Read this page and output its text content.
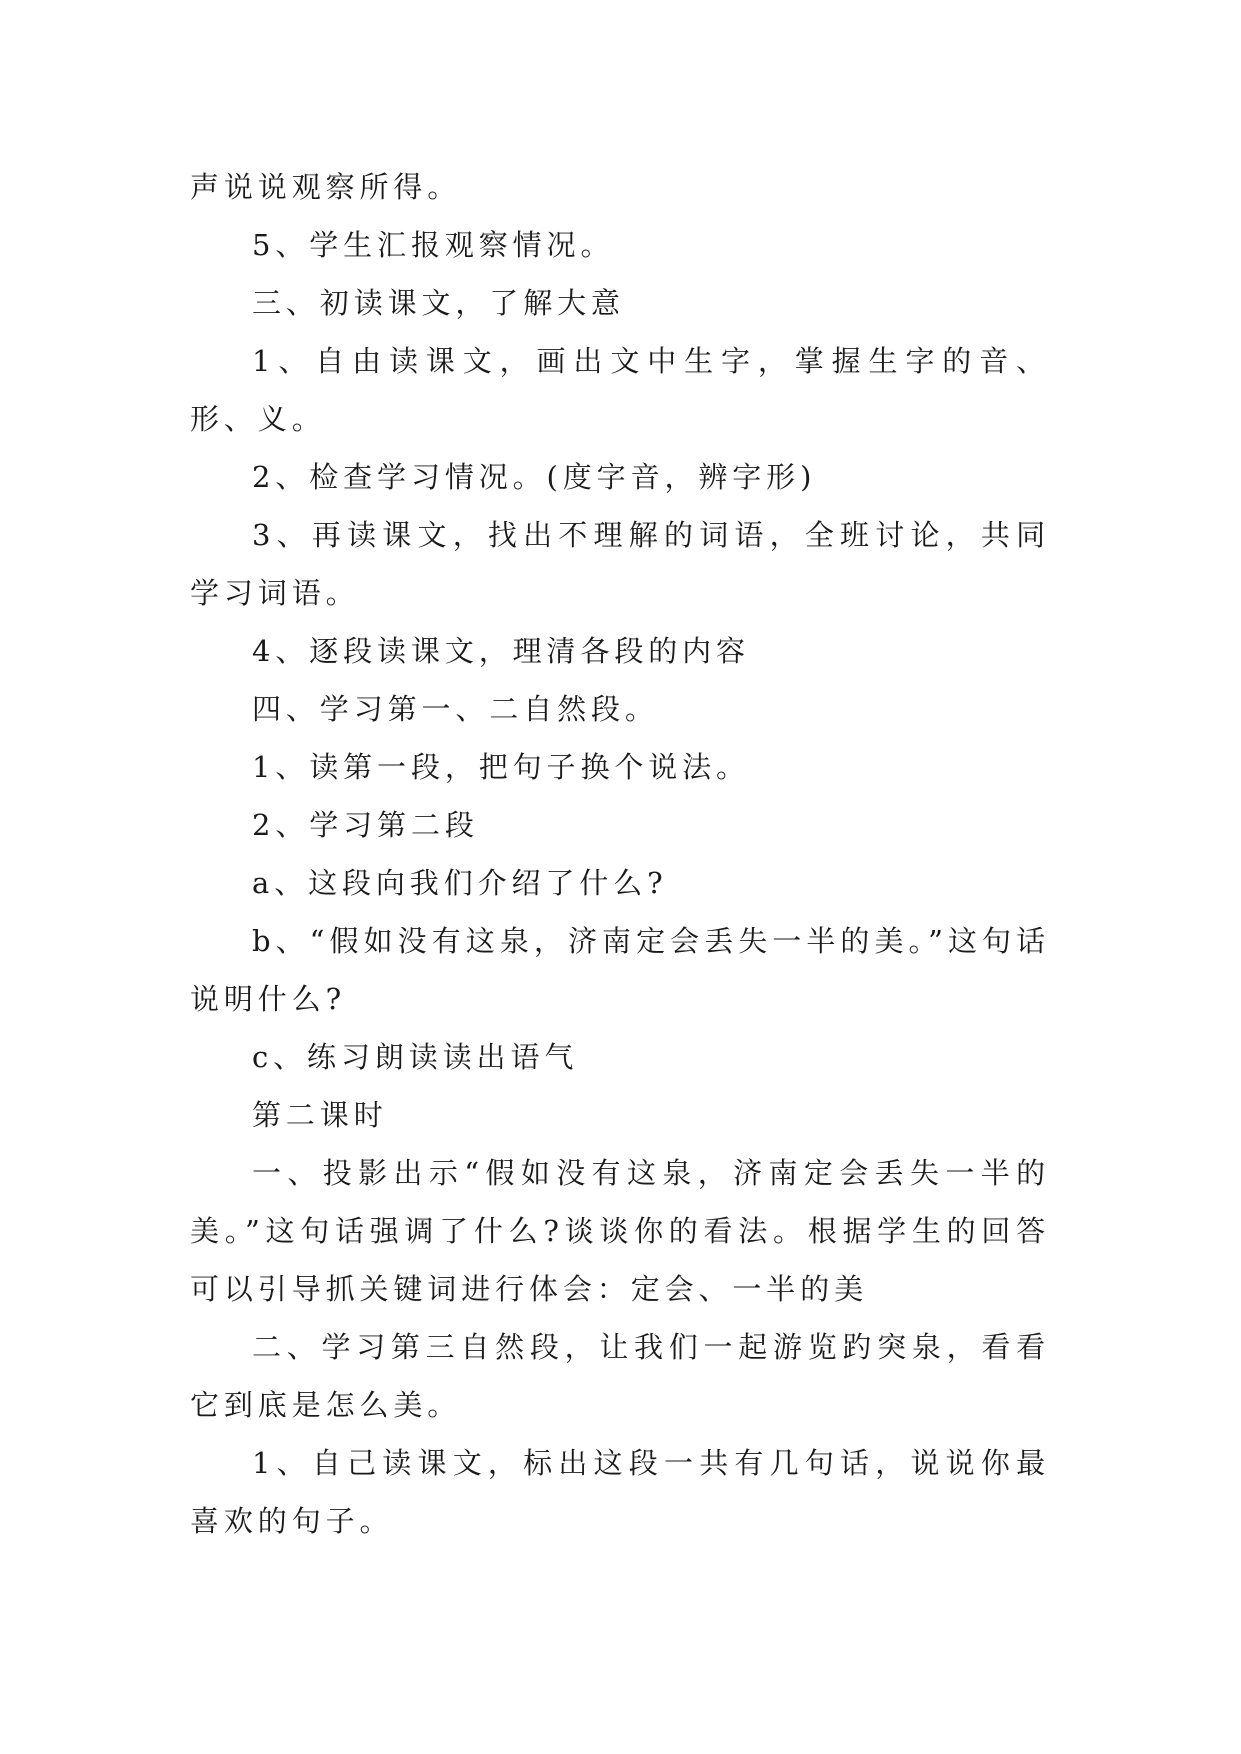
声说说观察所得。

5、学生汇报观察情况。

三、初读课文，了解大意

1、自由读课文，画出文中生字，掌握生字的音、形、义。

2、检查学习情况。(度字音，辨字形)

3、再读课文，找出不理解的词语，全班讨论，共同学习词语。

4、逐段读课文，理清各段的内容

四、学习第一、二自然段。

1、读第一段，把句子换个说法。

2、学习第二段

a、这段向我们介绍了什么?

b、“假如没有这泉，济南定会丢失一半的美。”这句话说明什么?

c、练习朗读读出语气

第二课时

一、投影出示“假如没有这泉，济南定会丢失一半的美。”这句话强调了什么?谈谈你的看法。根据学生的回答可以引导抓关键词进行体会：定会、一半的美

二、学习第三自然段，让我们一起游览趵突泉，看看它到底是怎么美。

1、自己读课文，标出这段一共有几句话，说说你最喜欢的句子。
